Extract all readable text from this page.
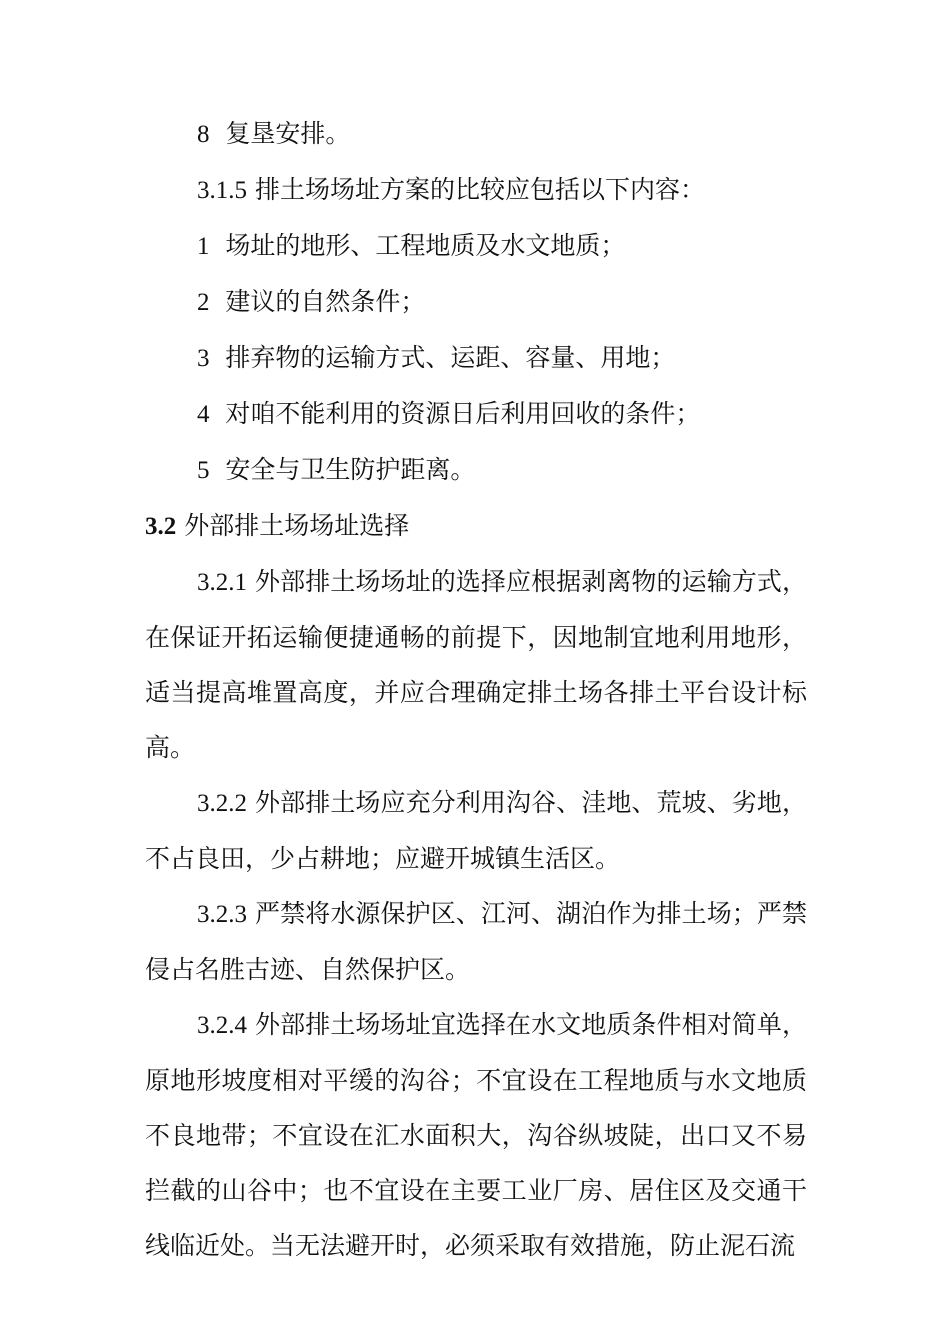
8 复垦安排。

3.1.5 排土场场址方案的比较应包括以下内容：

1 场址的地形、工程地质及水文地质；

2 建议的自然条件；

3 排弃物的运输方式、运距、容量、用地；

4 对咱不能利用的资源日后利用回收的条件；

5 安全与卫生防护距离。

3.2 外部排土场场址选择

3.2.1 外部排土场场址的选择应根据剥离物的运输方式，在保证开拓运输便捷通畅的前提下，因地制宜地利用地形，适当提高堆置高度，并应合理确定排土场各排土平台设计标高。

3.2.2 外部排土场应充分利用沟谷、洼地、荒坡、劣地，不占良田，少占耕地；应避开城镇生活区。

3.2.3 严禁将水源保护区、江河、湖泊作为排土场；严禁侵占名胜古迹、自然保护区。

3.2.4 外部排土场场址宜选择在水文地质条件相对简单，原地形坡度相对平缓的沟谷；不宜设在工程地质与水文地质不良地带；不宜设在汇水面积大，沟谷纵坡陡，出口又不易拦截的山谷中；也不宜设在主要工业厂房、居住区及交通干线临近处。当无法避开时，必须采取有效措施，防止泥石流
